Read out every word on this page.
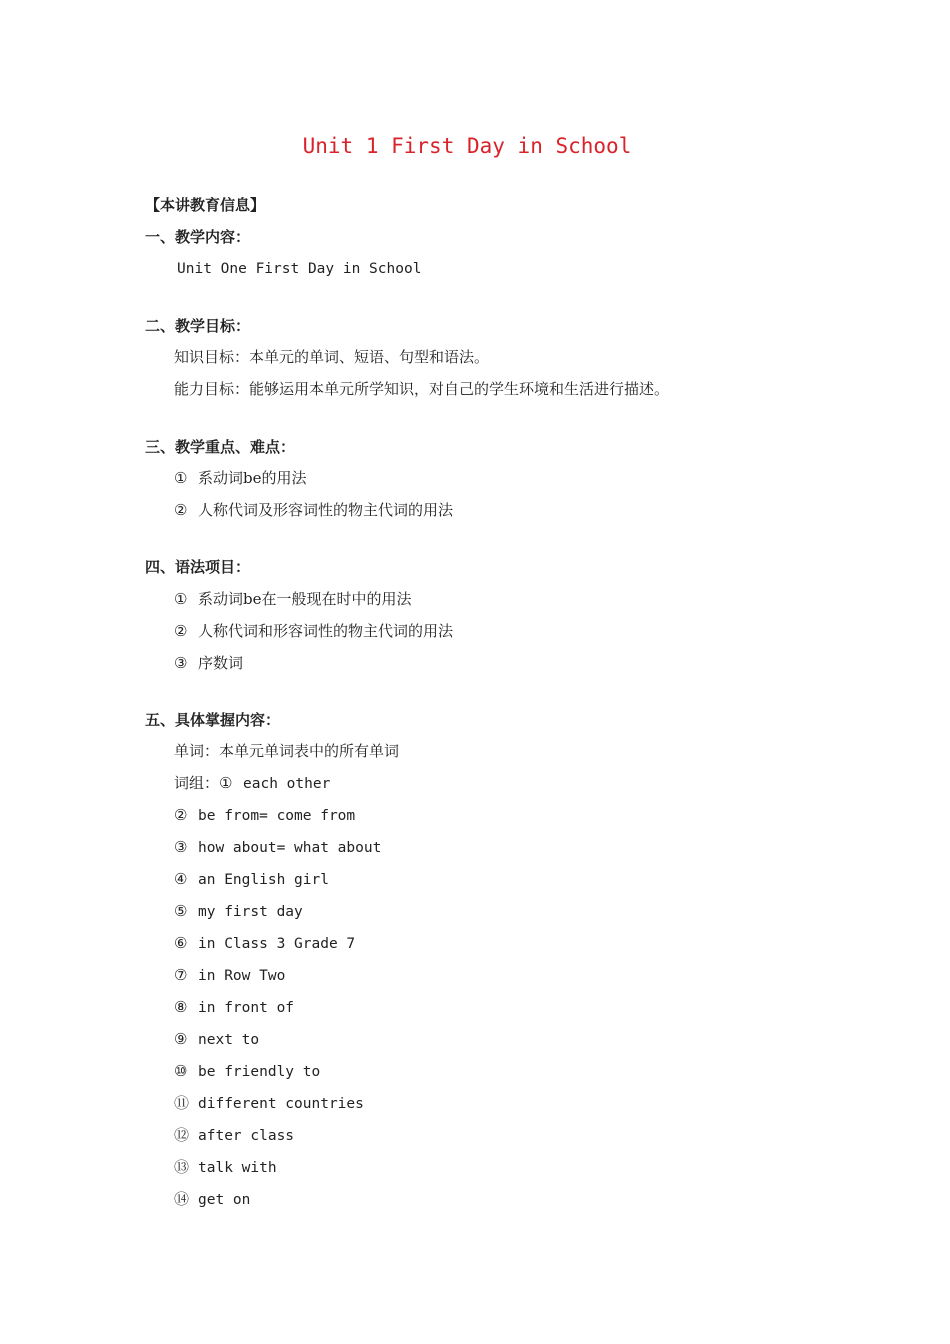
Unit 1 First Day in School
【本讲教育信息】
一、教学内容：
Unit One First Day in School
二、教学目标：
知识目标：本单元的单词、短语、句型和语法。
能力目标：能够运用本单元所学知识，对自己的学生环境和生活进行描述。
三、教学重点、难点：
① 系动词be的用法
② 人称代词及形容词性的物主代词的用法
四、语法项目：
① 系动词be在一般现在时中的用法
② 人称代词和形容词性的物主代词的用法
③ 序数词
五、具体掌握内容：
单词：本单元单词表中的所有单词
词组：① each other
② be from= come from
③ how about= what about
④ an English girl
⑤ my first day
⑥ in Class 3 Grade 7
⑦ in Row Two
⑧ in front of
⑨ next to
⑩ be friendly to
⑪ different countries
⑫ after class
⑬ talk with
⑭ get on
